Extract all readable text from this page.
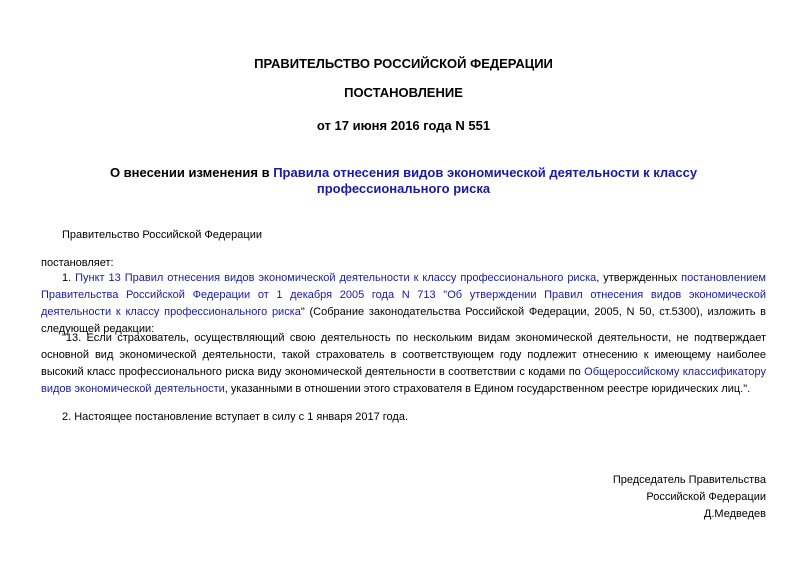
ПРАВИТЕЛЬСТВО РОССИЙСКОЙ ФЕДЕРАЦИИ
ПОСТАНОВЛЕНИЕ
от 17 июня 2016 года N 551
О внесении изменения в Правила отнесения видов экономической деятельности к классу профессионального риска
Правительство Российской Федерации
постановляет:
1. Пункт 13 Правил отнесения видов экономической деятельности к классу профессионального риска, утвержденных постановлением Правительства Российской Федерации от 1 декабря 2005 года N 713 "Об утверждении Правил отнесения видов экономической деятельности к классу профессионального риска" (Собрание законодательства Российской Федерации, 2005, N 50, ст.5300), изложить в следующей редакции:
"13. Если страхователь, осуществляющий свою деятельность по нескольким видам экономической деятельности, не подтверждает основной вид экономической деятельности, такой страхователь в соответствующем году подлежит отнесению к имеющему наиболее высокий класс профессионального риска виду экономической деятельности в соответствии с кодами по Общероссийскому классификатору видов экономической деятельности, указанными в отношении этого страхователя в Едином государственном реестре юридических лиц.".
2. Настоящее постановление вступает в силу с 1 января 2017 года.
Председатель Правительства
Российской Федерации
Д.Медведев
